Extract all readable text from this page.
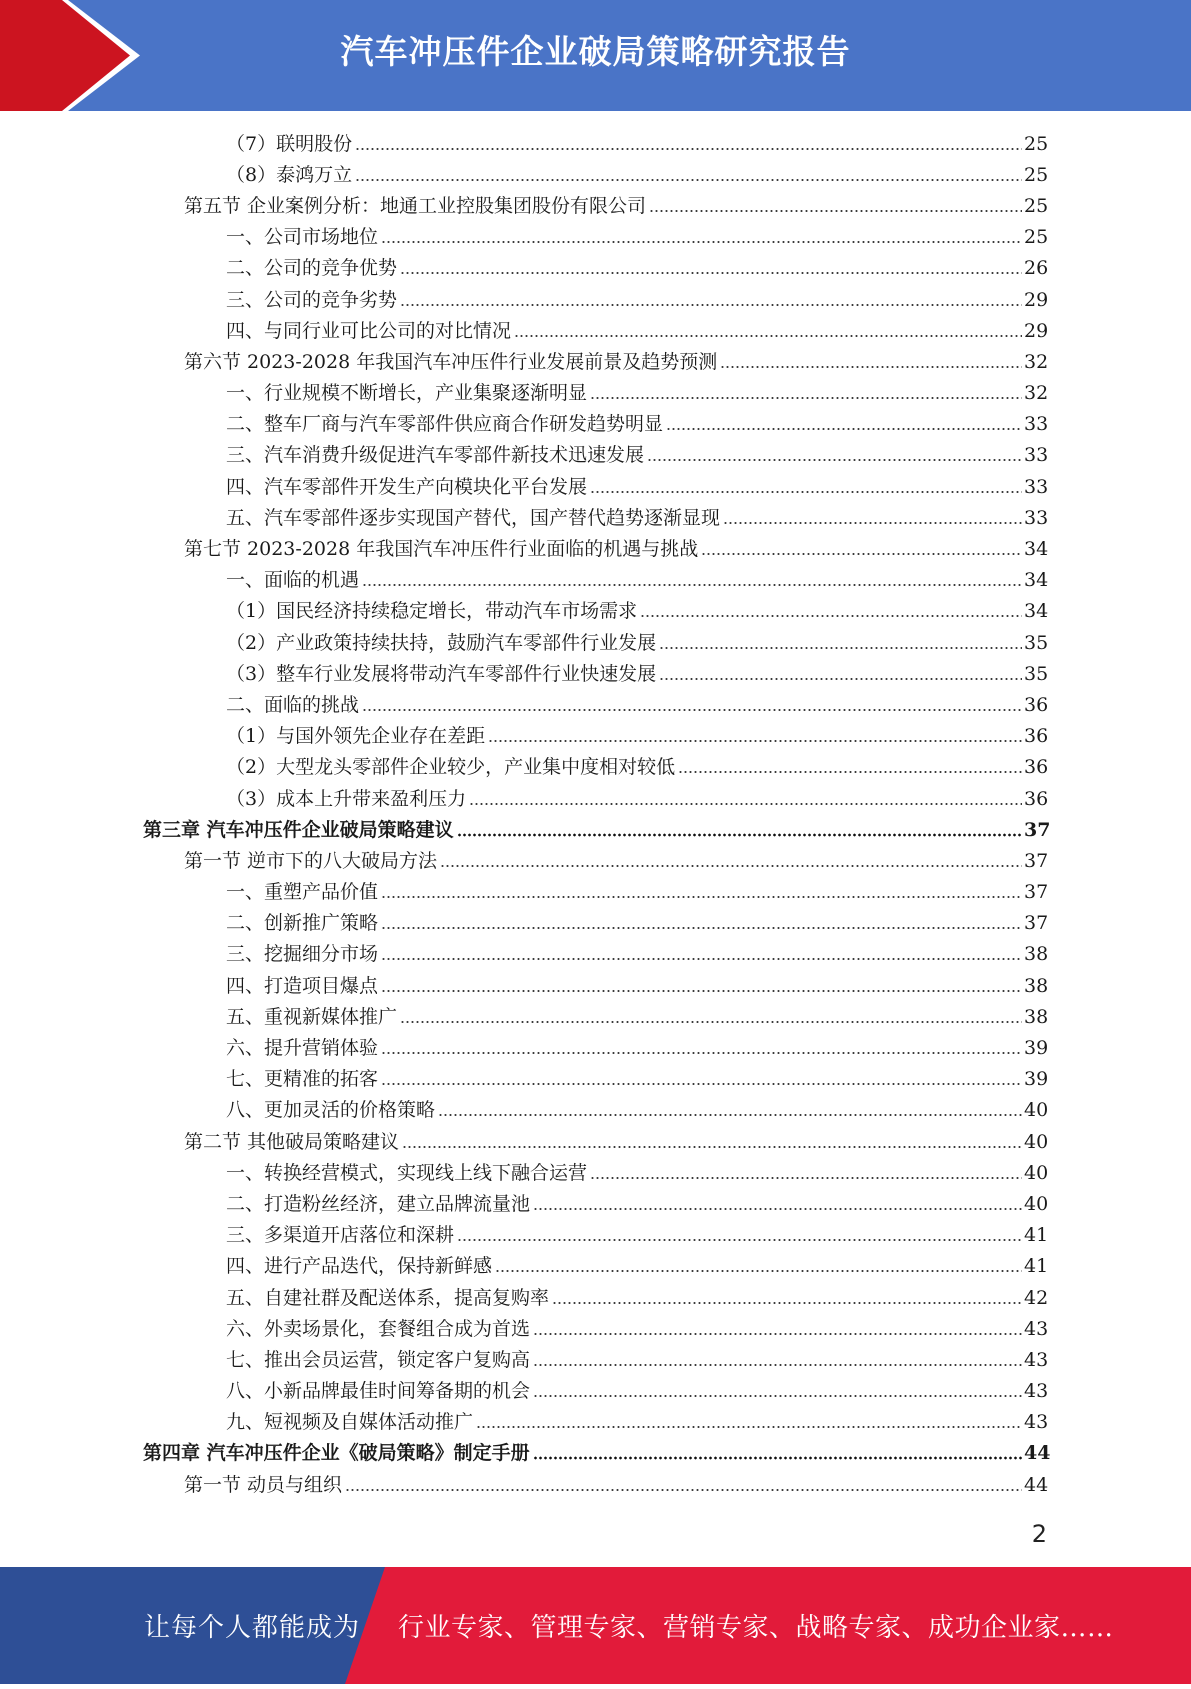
汽车冲压件企业破局策略研究报告
（7）联明股份	25
（8）泰鸿万立	25
第五节 企业案例分析：地通工业控股集团股份有限公司	25
一、公司市场地位	25
二、公司的竞争优势	26
三、公司的竞争劣势	29
四、与同行业可比公司的对比情况	29
第六节 2023-2028 年我国汽车冲压件行业发展前景及趋势预测	32
一、行业规模不断增长，产业集聚逐渐明显	32
二、整车厂商与汽车零部件供应商合作研发趋势明显	33
三、汽车消费升级促进汽车零部件新技术迅速发展	33
四、汽车零部件开发生产向模块化平台发展	33
五、汽车零部件逐步实现国产替代，国产替代趋势逐渐显现	33
第七节 2023-2028 年我国汽车冲压件行业面临的机遇与挑战	34
一、面临的机遇	34
（1）国民经济持续稳定增长，带动汽车市场需求	34
（2）产业政策持续扶持，鼓励汽车零部件行业发展	35
（3）整车行业发展将带动汽车零部件行业快速发展	35
二、面临的挑战	36
（1）与国外领先企业存在差距	36
（2）大型龙头零部件企业较少，产业集中度相对较低	36
（3）成本上升带来盈利压力	36
第三章 汽车冲压件企业破局策略建议	37
第一节 逆市下的八大破局方法	37
一、重塑产品价值	37
二、创新推广策略	37
三、挖掘细分市场	38
四、打造项目爆点	38
五、重视新媒体推广	38
六、提升营销体验	39
七、更精准的拓客	39
八、更加灵活的价格策略	40
第二节 其他破局策略建议	40
一、转换经营模式，实现线上线下融合运营	40
二、打造粉丝经济，建立品牌流量池	40
三、多渠道开店落位和深耕	41
四、进行产品迭代，保持新鲜感	41
五、自建社群及配送体系，提高复购率	42
六、外卖场景化，套餐组合成为首选	43
七、推出会员运营，锁定客户复购高	43
八、小新品牌最佳时间筹备期的机会	43
九、短视频及自媒体活动推广	43
第四章 汽车冲压件企业《破局策略》制定手册	44
第一节 动员与组织	44
2
让每个人都能成为 行业专家、管理专家、营销专家、战略专家、成功企业家……
